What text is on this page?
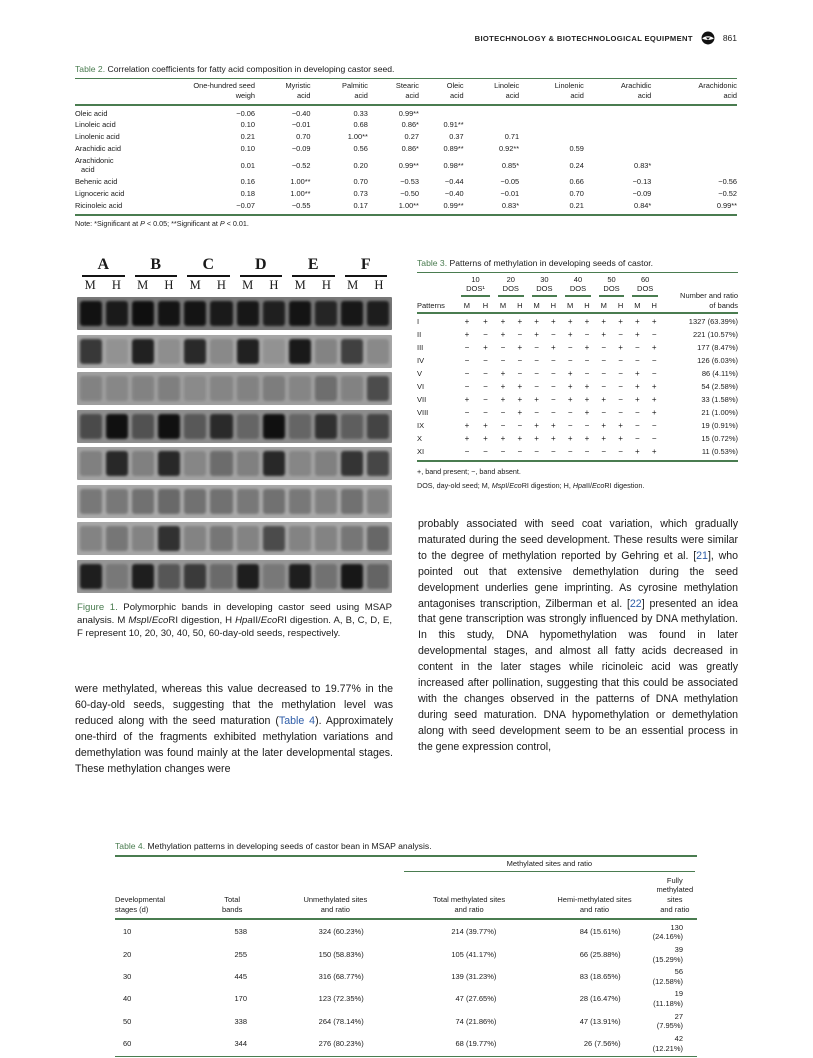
BIOTECHNOLOGY & BIOTECHNOLOGICAL EQUIPMENT	861
Table 2. Correlation coefficients for fatty acid composition in developing castor seed.

One-hundred seed
weigh

Myristic
acid

Palmitic
acid

Stearic
acid

Oleic
acid

Linoleic
acid

Linolenic
acid

Arachidic
acid

Arachidonic
acid

Oleic acid	−0.06	−0.40	0.33	0.99**					

Linoleic acid	0.10	−0.01	0.68	0.86*	0.91**				

Linolenic acid	0.21	0.70	1.00**	0.27	0.37	0.71			

Arachidic acid	0.10	−0.09	0.56	0.86*	0.89**	0.92**	0.59		

Arachidonic
acid	0.01	−0.52	0.20	0.99**	0.98**	0.85*	0.24	0.83*	

Behenic acid	0.16	1.00**	0.70	−0.53	−0.44	−0.05	0.66	−0.13	−0.56

Lignoceric acid	0.18	1.00**	0.73	−0.50	−0.40	−0.01	0.70	−0.09	−0.52

Ricinoleic acid	−0.07	−0.55	0.17	1.00**	0.99**	0.83*	0.21	0.84*	0.99**
Note: *Significant at P < 0.05; **Significant at P < 0.01.
A	B	C	D	E	F
M	H	M	H	M	H	M	H	M	H	M	H
Figure 1. Polymorphic bands in developing castor seed using MSAP analysis. M MspI/EcoRI digestion, H HpaII/EcoRI digestion. A, B, C, D, E, F represent 10, 20, 30, 40, 50, 60-day-old seeds, respectively.
Table 3. Patterns of methylation in developing seeds of castor.

10
DOS¹

20
DOS

30
DOS

40
DOS

50
DOS

60
DOS

Number and ratio
of bands

Patterns	M	H	M	H	M	H	M	H	M	H	M	H	
I	+	+	+	+	+	+	+	+	+	+	+	+	1327 (63.39%)
II	+	−	+	−	+	−	+	−	+	−	+	−	221 (10.57%)
III	−	+	−	+	−	+	−	+	−	+	−	+	177 (8.47%)
IV	−	−	−	−	−	−	−	−	−	−	−	−	126 (6.03%)
V	−	−	+	−	−	−	+	−	−	−	+	−	86 (4.11%)
VI	−	−	+	+	−	−	+	+	−	−	+	+	54 (2.58%)
VII	+	−	+	+	+	−	+	+	+	−	+	+	33 (1.58%)
VIII	−	−	−	+	−	−	−	+	−	−	−	+	21 (1.00%)
IX	+	+	−	−	+	+	−	−	+	+	−	−	19 (0.91%)
X	+	+	+	+	+	+	+	+	+	+	−	−	15 (0.72%)
XI	−	−	−	−	−	−	−	−	−	−	+	+	11 (0.53%)
+, band present; −, band absent.
DOS, day-old seed; M, MspI/EcoRI digestion; H, HpaII/EcoRI digestion.

probably associated with seed coat variation, which gradually maturated during the seed development. These results were similar to the degree of methylation reported by Gehring et al. [21], who pointed out that extensive demethylation during the seed development underlies gene imprinting. As cyrosine methylation antagonises transcription, Zilberman et al. [22] presented an idea that gene transcription was strongly influenced by DNA methylation. In this study, DNA hypomethylation was found in later developmental stages, and almost all fatty acids decreased in content in the later stages while ricinoleic acid was greatly increased after pollination, suggesting that this could be associated with the changes observed in the patterns of DNA methylation during seed maturation. DNA hypomethylation or demethylation along with seed development seem to be an essential process in the gene expression control,

were methylated, whereas this value decreased to 19.77% in the 60-day-old seeds, suggesting that the methylation level was reduced along with the seed maturation (Table 4). Approximately one-third of the fragments exhibited methylation variations and demethylation was found mainly at the later developmental stages. These methylation changes were

Table 4. Methylation patterns in developing seeds of castor bean in MSAP analysis.

			Methylated sites and ratio		

Developmental
stages (d)

Total
bands

Unmethylated sites
and ratio

Total methylated sites
and ratio

Hemi-methylated sites
and ratio

Fully methylated sites
and ratio

10	538	324 (60.23%)	214 (39.77%)	84 (15.61%)	130 (24.16%)
20	255	150 (58.83%)	105 (41.17%)	66 (25.88%)	39 (15.29%)
30	445	316 (68.77%)	139 (31.23%)	83 (18.65%)	56 (12.58%)
40	170	123 (72.35%)	47 (27.65%)	28 (16.47%)	19 (11.18%)
50	338	264 (78.14%)	74 (21.86%)	47 (13.91%)	27 (7.95%)
60	344	276 (80.23%)	68 (19.77%)	26 (7.56%)	42 (12.21%)
